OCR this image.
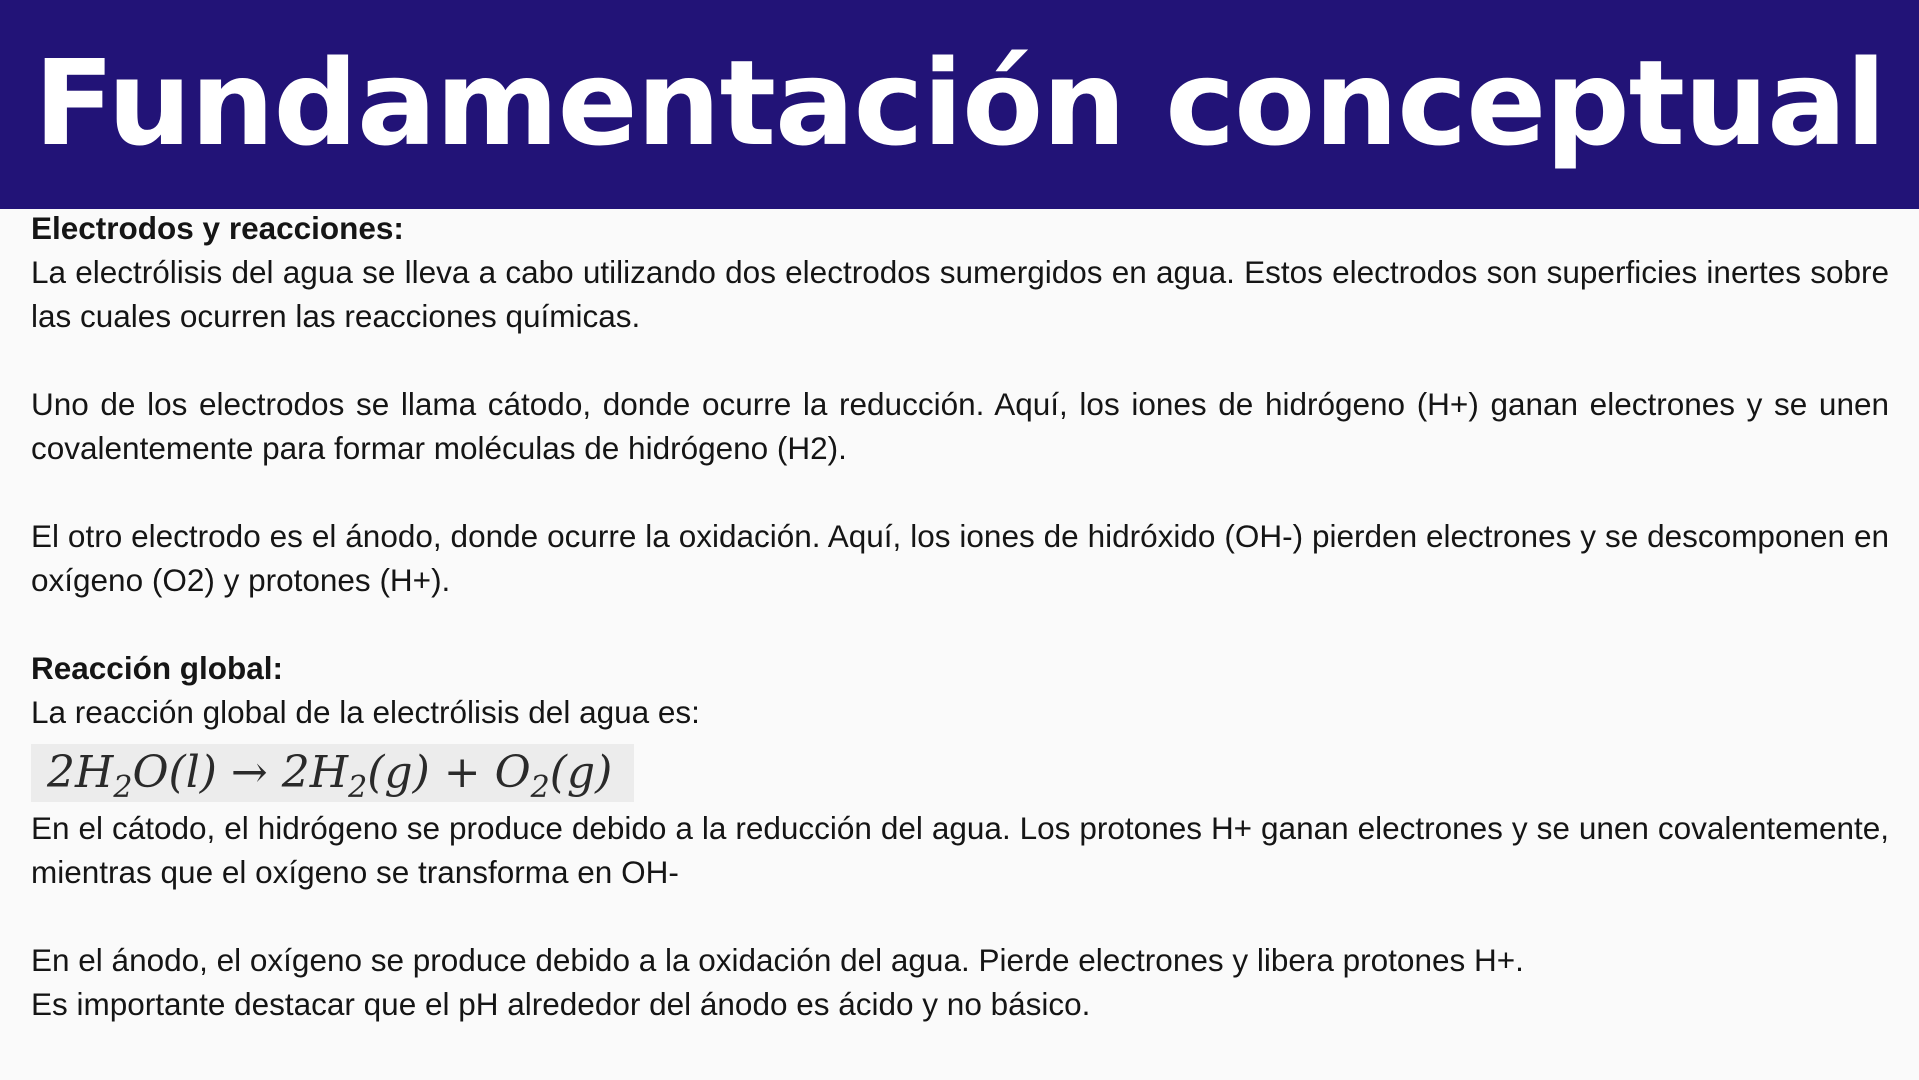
Fundamentación conceptual
Electrodos y reacciones:
La electrólisis del agua se lleva a cabo utilizando dos electrodos sumergidos en agua. Estos electrodos son superficies inertes sobre las cuales ocurren las reacciones químicas.
Uno de los electrodos se llama cátodo, donde ocurre la reducción. Aquí, los iones de hidrógeno (H+) ganan electrones y se unen covalentemente para formar moléculas de hidrógeno (H2).
El otro electrodo es el ánodo, donde ocurre la oxidación. Aquí, los iones de hidróxido (OH-) pierden electrones y se descomponen en oxígeno (O2) y protones (H+).
Reacción global:
La reacción global de la electrólisis del agua es:
$2H_2O(l) \to 2H_2(g) + O_2(g)$
En el cátodo, el hidrógeno se produce debido a la reducción del agua. Los protones H+ ganan electrones y se unen covalentemente, mientras que el oxígeno se transforma en OH-
En el ánodo, el oxígeno se produce debido a la oxidación del agua. Pierde electrones y libera protones H+.
Es importante destacar que el pH alrededor del ánodo es ácido y no básico.
